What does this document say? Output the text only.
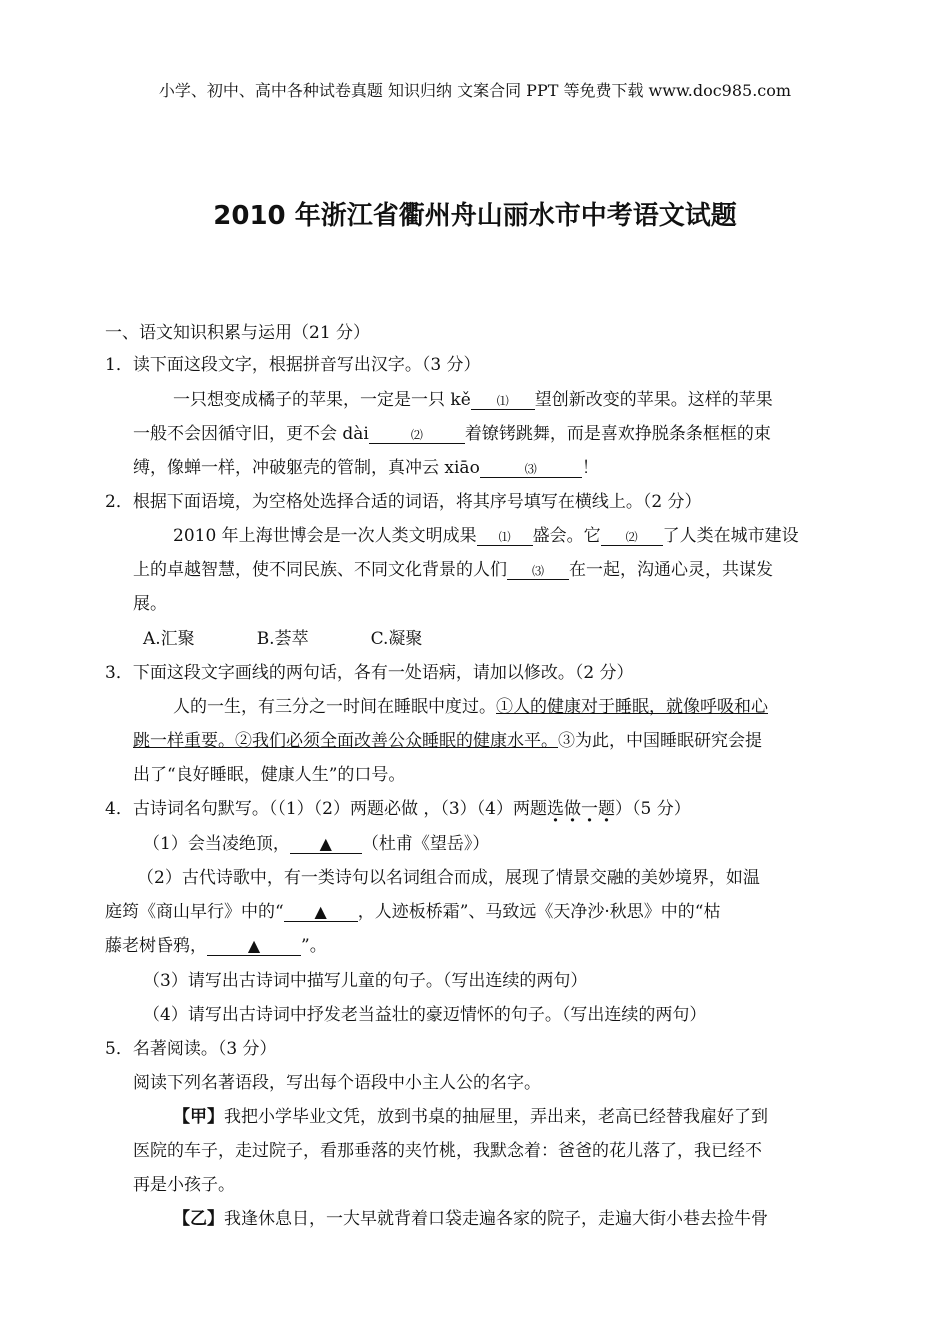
小学、初中、高中各种试卷真题 知识归纳 文案合同 PPT 等免费下载 www.doc985.com
2010 年浙江省衢州舟山丽水市中考语文试题
一、语文知识积累与运用（21 分）
1．读下面这段文字，根据拼音写出汉字。（3 分）
一只想变成橘子的苹果，一定是一只 kě ⑴ 望创新改变的苹果。这样的苹果
一般不会因循守旧，更不会 dài	⑵ 着镣铐跳舞，而是喜欢挣脱条条框框的束
缚，像蝉一样，冲破躯壳的管制，真冲云 xiāo	⑶	！
2．根据下面语境，为空格处选择合适的词语，将其序号填写在横线上。（2 分）
2010 年上海世博会是一次人类文明成果 ⑴ 盛会。它 ⑵ 了人类在城市建设
上的卓越智慧，使不同民族、不同文化背景的人们 ⑶ 在一起，沟通心灵，共谋发
展。
A.汇聚	B.荟萃	C.凝聚
3．下面这段文字画线的两句话，各有一处语病，请加以修改。（2 分）
人的一生，有三分之一时间在睡眠中度过。①人的健康对于睡眠，就像呼吸和心
跳一样重要。②我们必须全面改善公众睡眠的健康水平。③为此，中国睡眠研究会提
出了“良好睡眠，健康人生”的口号。
4．古诗词名句默写。（（1）（2）两题必做 ，（3）（4）两题选做一题）（5 分）
（1）会当凌绝顶， ▲ （杜甫《望岳》）
（2）古代诗歌中，有一类诗句以名词组合而成，展现了情景交融的美妙境界，如温
庭筠《商山早行》中的“ ▲ ，人迹板桥霜”、马致远《天净沙·秋思》中的“枯
藤老树昏鸦，	▲ ”。
（3）请写出古诗词中描写儿童的句子。（写出连续的两句）
（4）请写出古诗词中抒发老当益壮的豪迈情怀的句子。（写出连续的两句）
5．名著阅读。（3 分）
阅读下列名著语段，写出每个语段中小主人公的名字。
【甲】我把小学毕业文凭，放到书桌的抽屉里，弄出来，老高已经替我雇好了到
医院的车子，走过院子，看那垂落的夹竹桃，我默念着：爸爸的花儿落了，我已经不
再是小孩子。
【乙】我逢休息日，一大早就背着口袋走遍各家的院子，走遍大街小巷去捡牛骨
